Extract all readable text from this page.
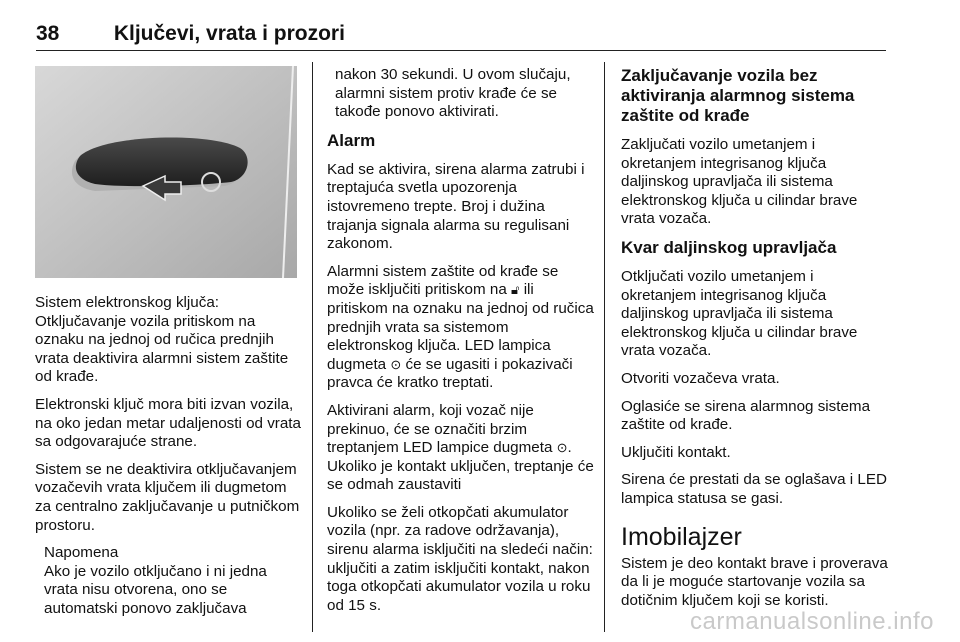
38	Ključevi, vrata i prozori

Sistem elektronskog ključa: Otključavanje vozila pritiskom na oznaku na jednoj od ručica prednjih vrata deaktivira alarmni sistem zaštite od krađe.

Elektronski ključ mora biti izvan vozila, na oko jedan metar udaljenosti od vrata sa odgovarajuće strane.

Sistem se ne deaktivira otključavanjem vozačevih vrata ključem ili dugmetom za centralno zaključavanje u putničkom prostoru.

Napomena
Ako je vozilo otključano i ni jedna vrata nisu otvorena, ono se automatski ponovo zaključava

nakon 30 sekundi. U ovom slučaju, alarmni sistem protiv krađe će se takođe ponovo aktivirati.

Alarm

Kad se aktivira, sirena alarma zatrubi i treptajuća svetla upozorenja istovremeno trepte. Broj i dužina trajanja signala alarma su regulisani zakonom.

Alarmni sistem zaštite od krađe se može isključiti pritiskom na 🔓︎ ili pritiskom na oznaku na jednoj od ručica prednjih vrata sa sistemom elektronskog ključa. LED lampica dugmeta ⊙ će se ugasiti i pokazivači pravca će kratko treptati.

Aktivirani alarm, koji vozač nije prekinuo, će se označiti brzim treptanjem LED lampice dugmeta ⊙. Ukoliko je kontakt uključen, treptanje će se odmah zaustaviti

Ukoliko se želi otkopčati akumulator vozila (npr. za radove održavanja), sirenu alarma isključiti na sledeći način: uključiti a zatim isključiti kontakt, nakon toga otkopčati akumulator vozila u roku od 15 s.

Zaključavanje vozila bez aktiviranja alarmnog sistema zaštite od krađe

Zaključati vozilo umetanjem i okretanjem integrisanog ključa daljinskog upravljača ili sistema elektronskog ključa u cilindar brave vrata vozača.

Kvar daljinskog upravljača

Otključati vozilo umetanjem i okretanjem integrisanog ključa daljinskog upravljača ili sistema elektronskog ključa u cilindar brave vrata vozača.

Otvoriti vozačeva vrata.

Oglasiće se sirena alarmnog sistema zaštite od krađe.

Uključiti kontakt.

Sirena će prestati da se oglašava i LED lampica statusa se gasi.

Imobilajzer

Sistem je deo kontakt brave i proverava da li je moguće startovanje vozila sa dotičnim ključem koji se koristi.

carmanualsonline.info
